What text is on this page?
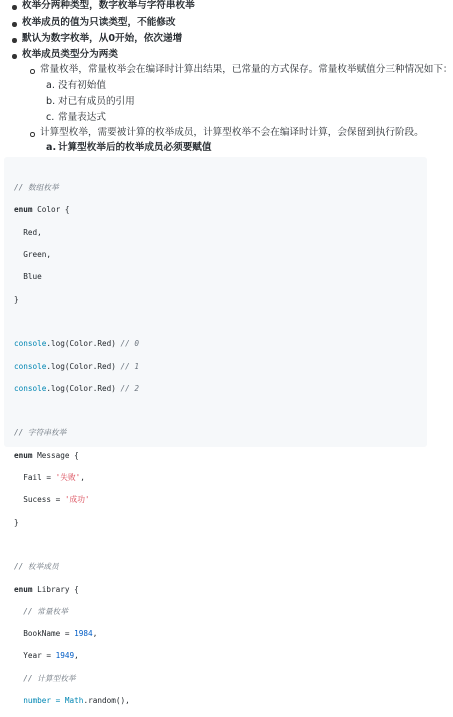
枚举分两种类型，数字枚举与字符串枚举
枚举成员的值为只读类型，不能修改
默认为数字枚举，从0开始，依次递增
枚举成员类型分为两类
常量枚举，常量枚举会在编译时计算出结果，已常量的方式保存。常量枚举赋值分三种情况如下：
a. 没有初始值
b. 对已有成员的引用
c. 常量表达式
计算型枚举，需要被计算的枚举成员，计算型枚举不会在编译时计算，会保留到执行阶段。
a. 计算型枚举后的枚举成员必须要赋值

// 数组枚举

enum Color {

Red,

Green,

Blue

}

console.log(Color.Red) // 0

console.log(Color.Red) // 1

console.log(Color.Red) // 2

// 字符串枚举

enum Message {

Fail = '失败',

Sucess = '成功'

}

// 枚举成员

enum Library {

// 常量枚举

BookName = 1984,

Year = 1949,

// 计算型枚举

number = Math.random(),
